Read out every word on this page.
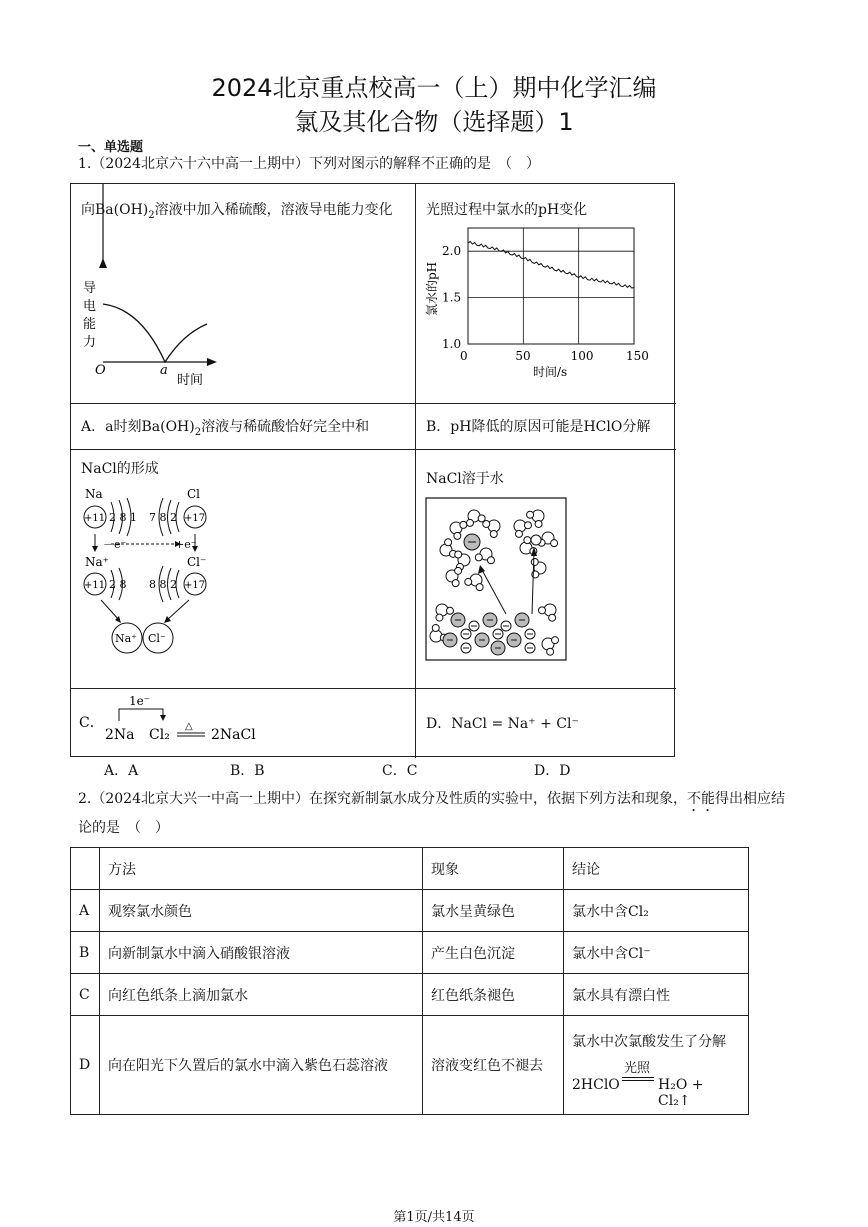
2024北京重点校高一（上）期中化学汇编
氯及其化合物（选择题）1
一、单选题
1.（2024北京六十六中高一上期中）下列对图示的解释不正确的是　（　）
向$Ba(OH)_2$溶液中加入稀硫酸，溶液导电能力变化
导
电
能
力
O	a
时间
光照过程中氯水的pH变化
0	50	100	150
1.0
1.5
2.0
时间/s
氯水的pH
A．a时刻$Ba(OH)_2$溶液与稀硫酸恰好完全中和	B．pH降低的原因可能是HClO分解
NaCl的形成
Na	Cl
+11 2 8 1	+17
7 8 2
－e⁻	+e⁻
Na⁺	Cl⁻
+11 2 8	+17
8 8 2
Na⁺ Cl⁻
NaCl溶于水
C．
1e⁻
2Na Cl₂
△
2NaCl
D．NaCl = Na⁺ + Cl⁻
A．A	B．B	C．C	D．D
2.（2024北京大兴一中高一上期中）在探究新制氯水成分及性质的实验中，依据下列方法和现象，不能得出相应结论的是　（　）
	方法	现象	结论
A	观察氯水颜色	氯水呈黄绿色	氯水中含Cl₂
B	向新制氯水中滴入硝酸银溶液	产生白色沉淀	氯水中含Cl⁻
C	向红色纸条上滴加氯水	红色纸条褪色	氯水具有漂白性
D	向在阳光下久置后的氯水中滴入紫色石蕊溶液	溶液变红色不褪去	氯水中次氯酸发生了分解
2HClO
光照
H₂O + Cl₂↑
第1页/共14页
